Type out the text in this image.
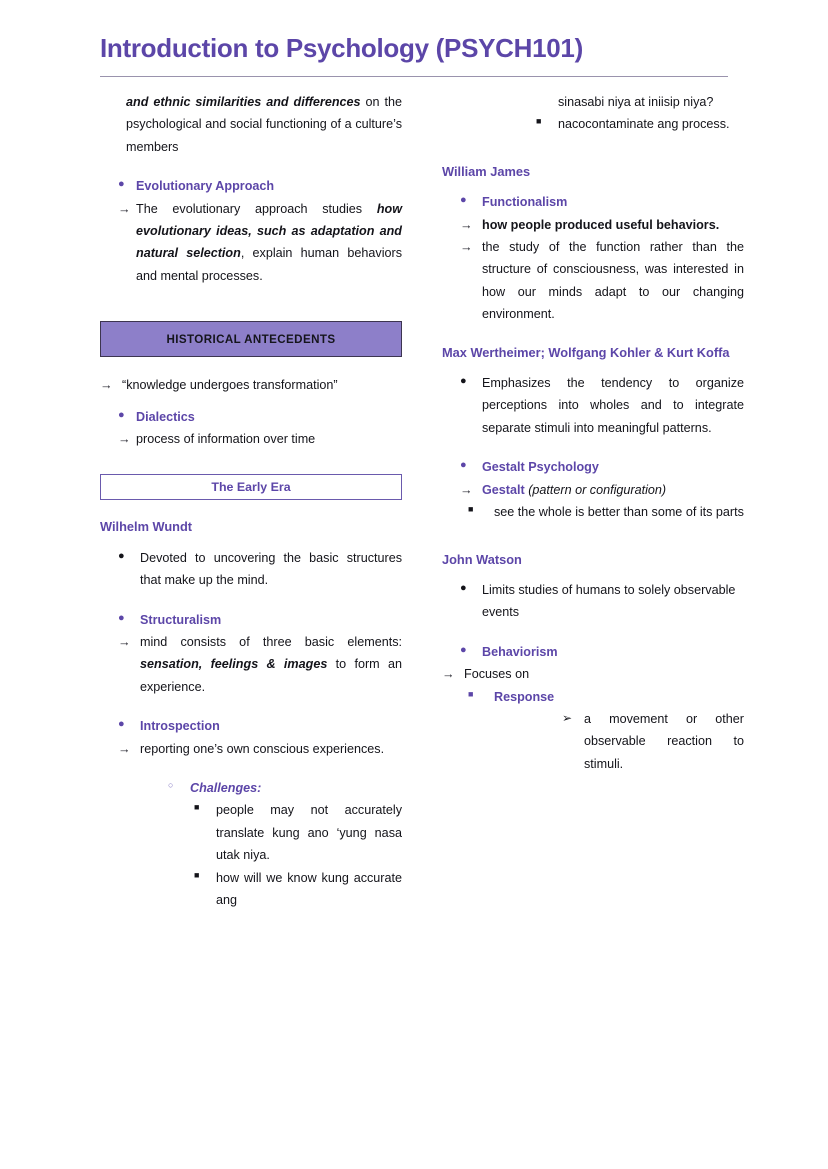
Introduction to Psychology (PSYCH101)
and ethnic similarities and differences on the psychological and social functioning of a culture’s members
● Evolutionary Approach
→ The evolutionary approach studies how evolutionary ideas, such as adaptation and natural selection, explain human behaviors and mental processes.
HISTORICAL ANTECEDENTS
→ “knowledge undergoes transformation”
● Dialectics
→ process of information over time
The Early Era
Wilhelm Wundt
●	Devoted to uncovering the basic structures that make up the mind.
●	Structuralism
→ mind consists of three basic elements: sensation, feelings & images to form an experience.
●	Introspection
→ reporting one’s own conscious experiences.
○	Challenges:
■	people may not accurately translate kung ano ‘yung nasa utak niya.
■	how will we know kung accurate ang
sinasabi niya at iniisip niya?
■	nacocontaminate ang process.
William James
●	Functionalism
→ how people produced useful behaviors.
→ the study of the function rather than the structure of consciousness, was interested in how our minds adapt to our changing environment.
Max Wertheimer; Wolfgang Kohler & Kurt Koffa
●	Emphasizes the tendency to organize perceptions into wholes and to integrate separate stimuli into meaningful patterns.
●	Gestalt Psychology
→ Gestalt (pattern or configuration)
■	see the whole is better than some of its parts
John Watson
●	Limits studies of humans to solely observable events
●	Behaviorism
→ Focuses on
■	Response
➢ a movement or other observable reaction to stimuli.
